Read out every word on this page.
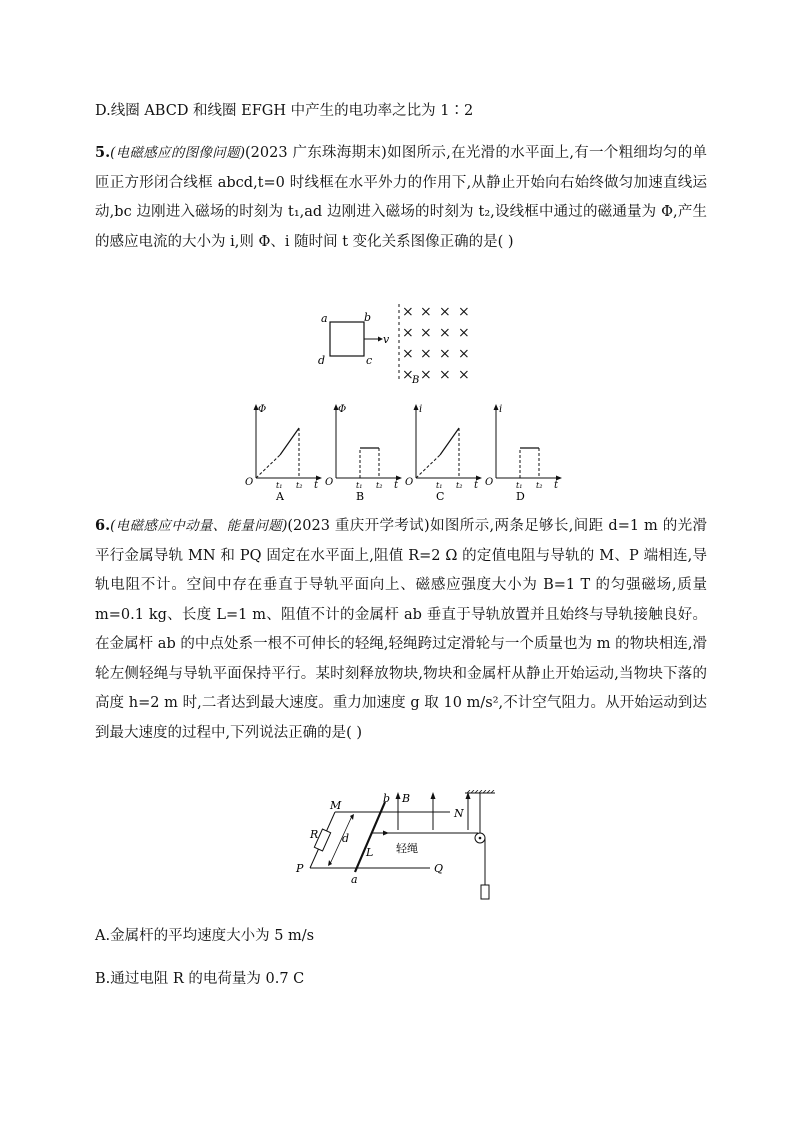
D.线圈 ABCD 和线圈 EFGH 中产生的电功率之比为 1∶2
5.(电磁感应的图像问题)(2023 广东珠海期末)如图所示,在光滑的水平面上,有一个粗细均匀的单匝正方形闭合线框 abcd,t=0 时线框在水平外力的作用下,从静止开始向右始终做匀加速直线运动,bc 边刚进入磁场的时刻为 t₁,ad 边刚进入磁场的时刻为 t₂,设线框中通过的磁通量为 Φ,产生的感应电流的大小为 i,则 Φ、i 随时间 t 变化关系图像正确的是( )
a	b
c
d
v
× × × ×
× × × ×
× × × ×
× × × ×
B
Φ
O	t₁ t₂ t
A
Φ
O	t₁ t₂ t
B
i
O	t₁ t₂ t
C
i
O	t₁ t₂ t
D
6.(电磁感应中动量、能量问题)(2023 重庆开学考试)如图所示,两条足够长,间距 d=1 m 的光滑平行金属导轨 MN 和 PQ 固定在水平面上,阻值 R=2 Ω 的定值电阻与导轨的 M、P 端相连,导轨电阻不计。空间中存在垂直于导轨平面向上、磁感应强度大小为 B=1 T 的匀强磁场,质量 m=0.1 kg、长度 L=1 m、阻值不计的金属杆 ab 垂直于导轨放置并且始终与导轨接触良好。在金属杆 ab 的中点处系一根不可伸长的轻绳,轻绳跨过定滑轮与一个质量也为 m 的物块相连,滑轮左侧轻绳与导轨平面保持平行。某时刻释放物块,物块和金属杆从静止开始运动,当物块下落的高度 h=2 m 时,二者达到最大速度。重力加速度 g 取 10 m/s²,不计空气阻力。从开始运动到达到最大速度的过程中,下列说法正确的是( )
M
N
P	Q
R d
a
b B
L 轻绳
A.金属杆的平均速度大小为 5 m/s
B.通过电阻 R 的电荷量为 0.7 C
